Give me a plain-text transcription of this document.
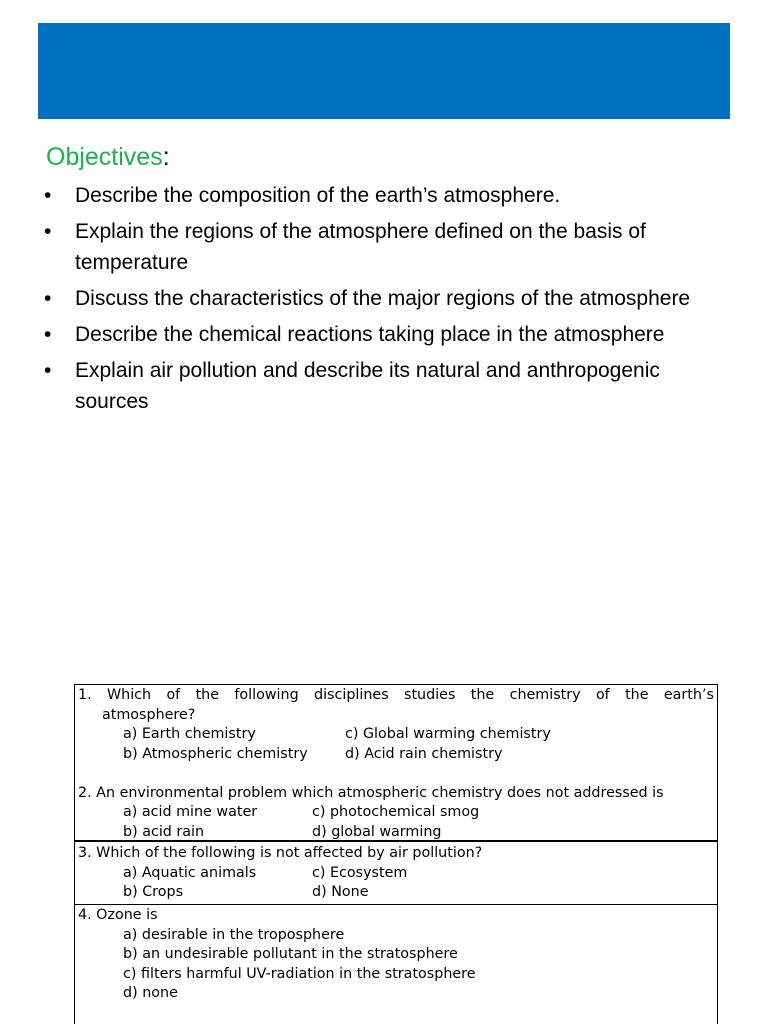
Objectives:
• Describe the composition of the earth’s atmosphere.
• Explain the regions of the atmosphere defined on the basis of temperature
• Discuss the characteristics of the major regions of the atmosphere
• Describe the chemical reactions taking place in the atmosphere
• Explain air pollution and describe its natural and anthropogenic sources
1. Which of the following disciplines studies the chemistry of the earth’s
atmosphere?
a) Earth chemistry	c) Global warming chemistry
b) Atmospheric chemistry	d) Acid rain chemistry
2. An environmental problem which atmospheric chemistry does not addressed is
a) acid mine water	c) photochemical smog
b) acid rain	d) global warming
3. Which of the following is not affected by air pollution?
a) Aquatic animals	c) Ecosystem
b) Crops	d) None
4. Ozone is
a) desirable in the troposphere
b) an undesirable pollutant in the stratosphere
c) filters harmful UV-radiation in the stratosphere
d) none
